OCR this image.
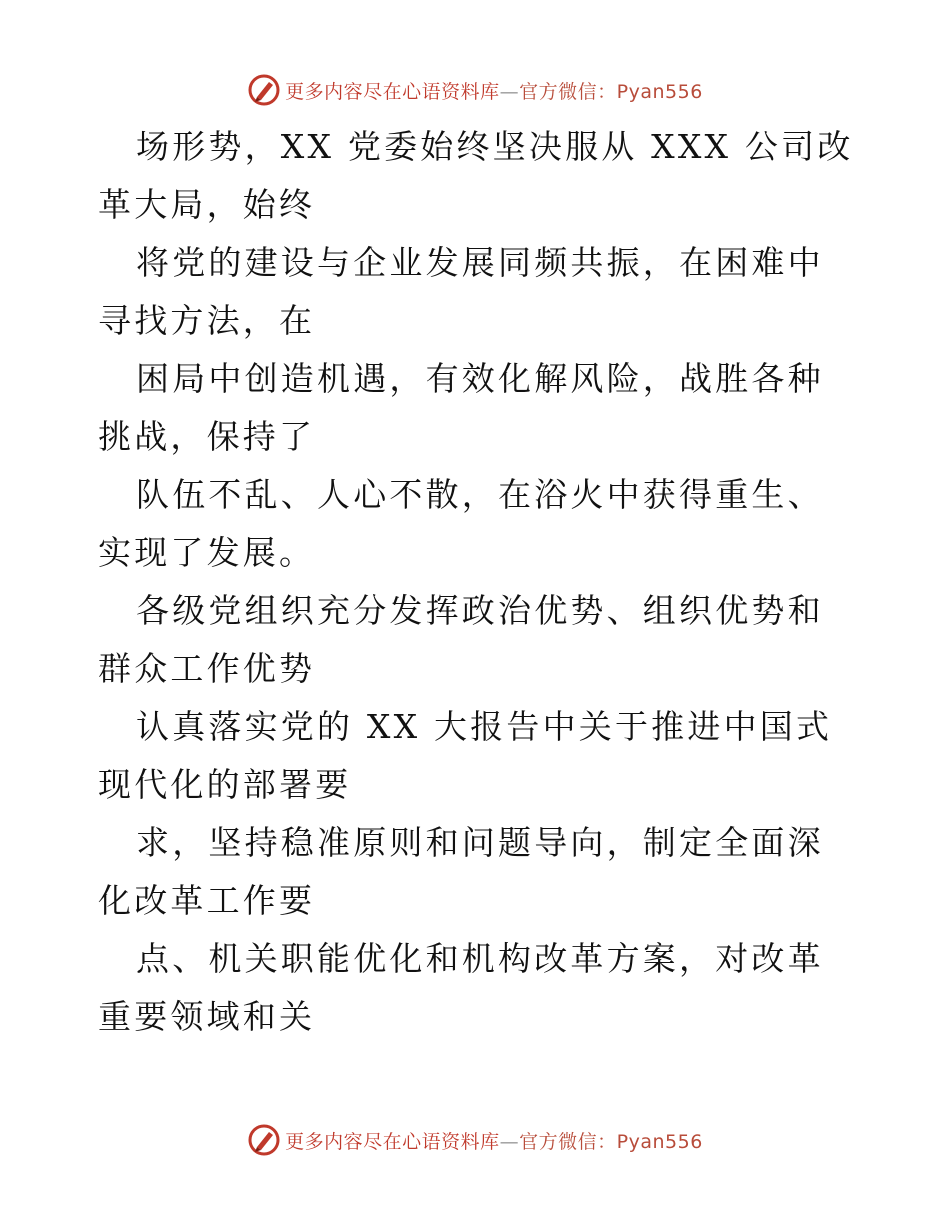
更多内容尽在心语资料库—官方微信：Pyan556

场形势，XX 党委始终坚决服从 XXX 公司改革大局，始终

将党的建设与企业发展同频共振，在困难中寻找方法，在

困局中创造机遇，有效化解风险，战胜各种挑战，保持了

队伍不乱、人心不散，在浴火中获得重生、实现了发展。

各级党组织充分发挥政治优势、组织优势和群众工作优势

认真落实党的 XX 大报告中关于推进中国式现代化的部署要

求，坚持稳准原则和问题导向，制定全面深化改革工作要

点、机关职能优化和机构改革方案，对改革重要领域和关

更多内容尽在心语资料库—官方微信：Pyan556
